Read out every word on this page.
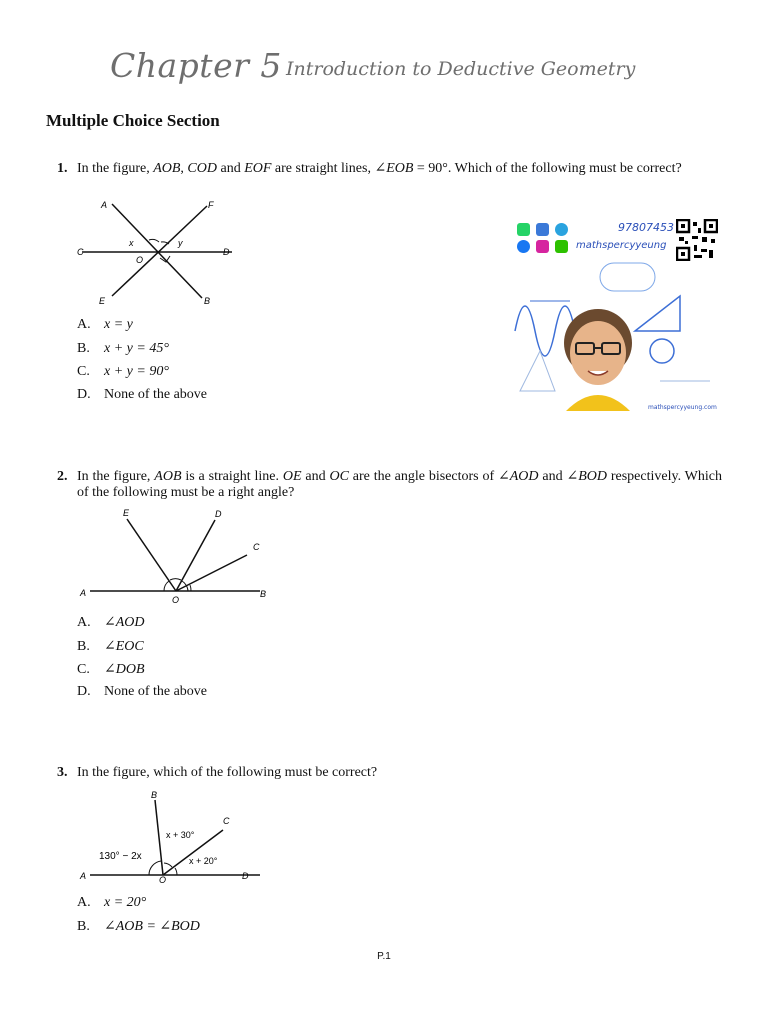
Chapter 5 Introduction to Deductive Geometry
Multiple Choice Section
1. In the figure, AOB, COD and EOF are straight lines, ∠EOB = 90°. Which of the following must be correct?
A	F
C	D
O
E	B
x	y
A. x = y
B. x + y = 45°
C. x + y = 90°
D. None of the above
97807453
mathspercyyeung
mathspercyyeung.com
2. In the figure, AOB is a straight line. OE and OC are the angle bisectors of ∠AOD and ∠BOD respectively. Which of the following must be a right angle?
E	D
C
A
O
B
A. ∠AOD
B. ∠EOC
C. ∠DOB
D. None of the above
3. In the figure, which of the following must be correct?
B
C
A	O	D
130° − 2x
x + 30°
x + 20°
A. x = 20°
B. ∠AOB = ∠BOD
P.1
